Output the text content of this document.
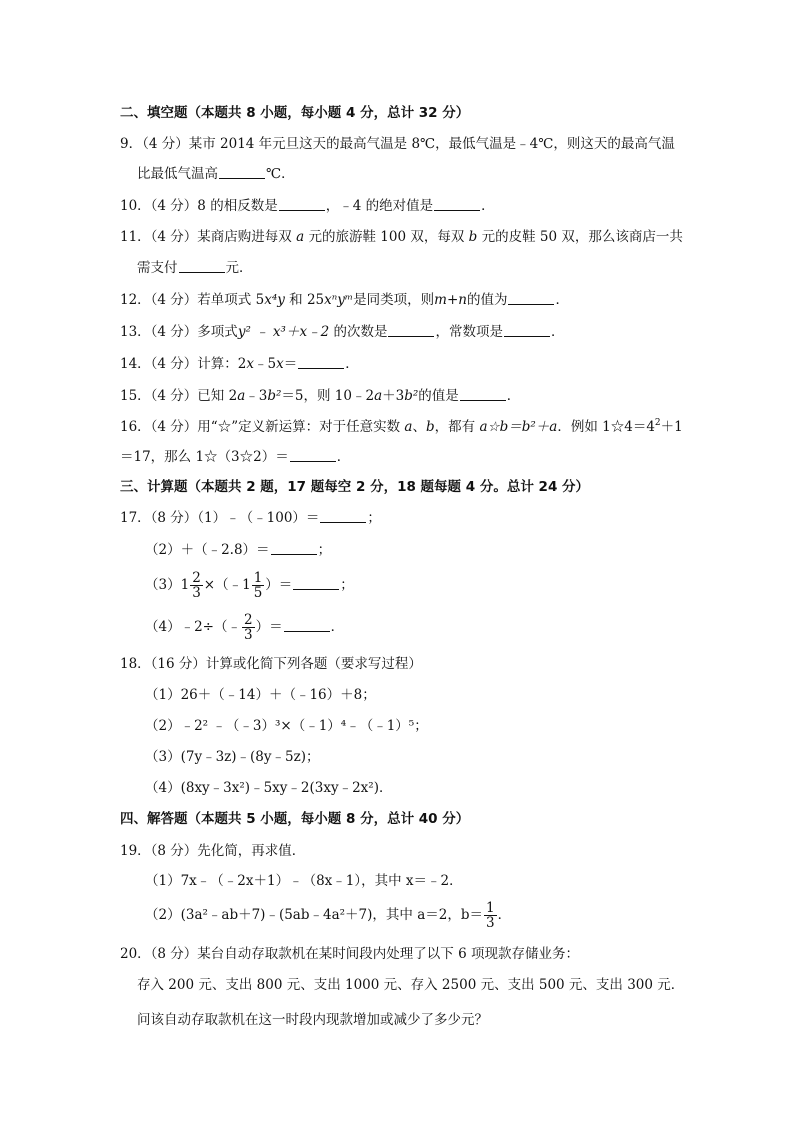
二、填空题（本题共 8 小题，每小题 4 分，总计 32 分）
9．（4 分）某市 2014 年元旦这天的最高气温是 8℃，最低气温是﹣4℃，则这天的最高气温
比最低气温高	℃．
10．（4 分）8 的相反数是	，﹣4 的绝对值是	．
11．（4 分）某商店购进每双 a 元的旅游鞋 100 双，每双 b 元的皮鞋 50 双，那么该商店一共
需支付	元．
12．（4 分）若单项式 5x⁴y 和 25xⁿyᵐ是同类项，则m+n的值为	．
13．（4 分）多项式y² ﹣ x³＋x﹣2 的次数是	，常数项是	．
14．（4 分）计算：2x﹣5x＝	．
15．（4 分）已知 2a﹣3b²＝5，则 10﹣2a＋3b²的值是	．
16．（4 分）用“☆”定义新运算：对于任意实数 a、b，都有 a☆b＝b²＋a．例如 $1☆4=4^2+1$
＝17，那么 1☆（3☆2）＝	．
三、计算题（本题共 2 题，17 题每空 2 分，18 题每题 4 分。总计 24 分）
17．（8 分）（1）﹣（﹣100）＝	；
（2）＋（﹣2.8）＝	；
$(3)1 \frac{2}{3}$ ×（﹣1 $\frac{1}{5}$ ）＝	；
（4）﹣2÷（﹣ $\frac{2}{3}$ ）＝	．
18．（16 分）计算或化简下列各题（要求写过程）
（1）26＋（﹣14）＋（﹣16）＋8；
（2）﹣2² ﹣（﹣3）³×（﹣1）⁴﹣（﹣1）⁵；
（3）(7y﹣3z)﹣(8y﹣5z)；
（4）(8xy﹣3x²)﹣5xy﹣2(3xy﹣2x²)．
四、解答题（本题共 5 小题，每小题 8 分，总计 40 分）
19．（8 分）先化简，再求值．
（1）7x﹣（﹣2x＋1）﹣（8x﹣1），其中 x＝﹣2．
（2）(3a²﹣ab＋7)﹣(5ab﹣4a²＋7)，其中 a＝2，$b= \frac{1}{3}$ ．
20．（8 分）某台自动存取款机在某时间段内处理了以下 6 项现款存储业务：
存入 200 元、支出 800 元、支出 1000 元、存入 2500 元、支出 500 元、支出 300 元．
问该自动存取款机在这一时段内现款增加或减少了多少元？
